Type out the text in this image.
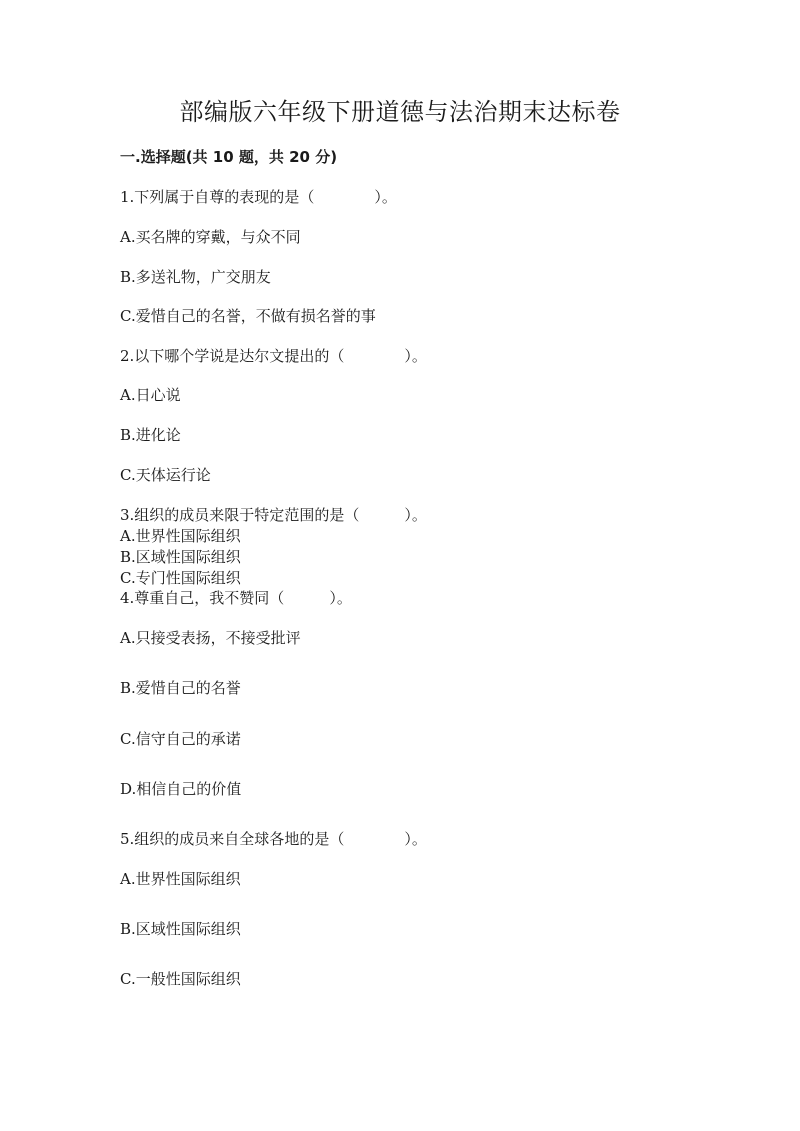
部编版六年级下册道德与法治期末达标卷
一.选择题(共 10 题，共 20 分)
1.下列属于自尊的表现的是（　　　　）。
A.买名牌的穿戴，与众不同
B.多送礼物，广交朋友
C.爱惜自己的名誉，不做有损名誉的事
2.以下哪个学说是达尔文提出的（　　　　）。
A.日心说
B.进化论
C.天体运行论
3.组织的成员来限于特定范围的是（　　　）。
A.世界性国际组织
B.区域性国际组织
C.专门性国际组织
4.尊重自己，我不赞同（　　　）。
A.只接受表扬，不接受批评
B.爱惜自己的名誉
C.信守自己的承诺
D.相信自己的价值
5.组织的成员来自全球各地的是（　　　　）。
A.世界性国际组织
B.区域性国际组织
C.一般性国际组织
